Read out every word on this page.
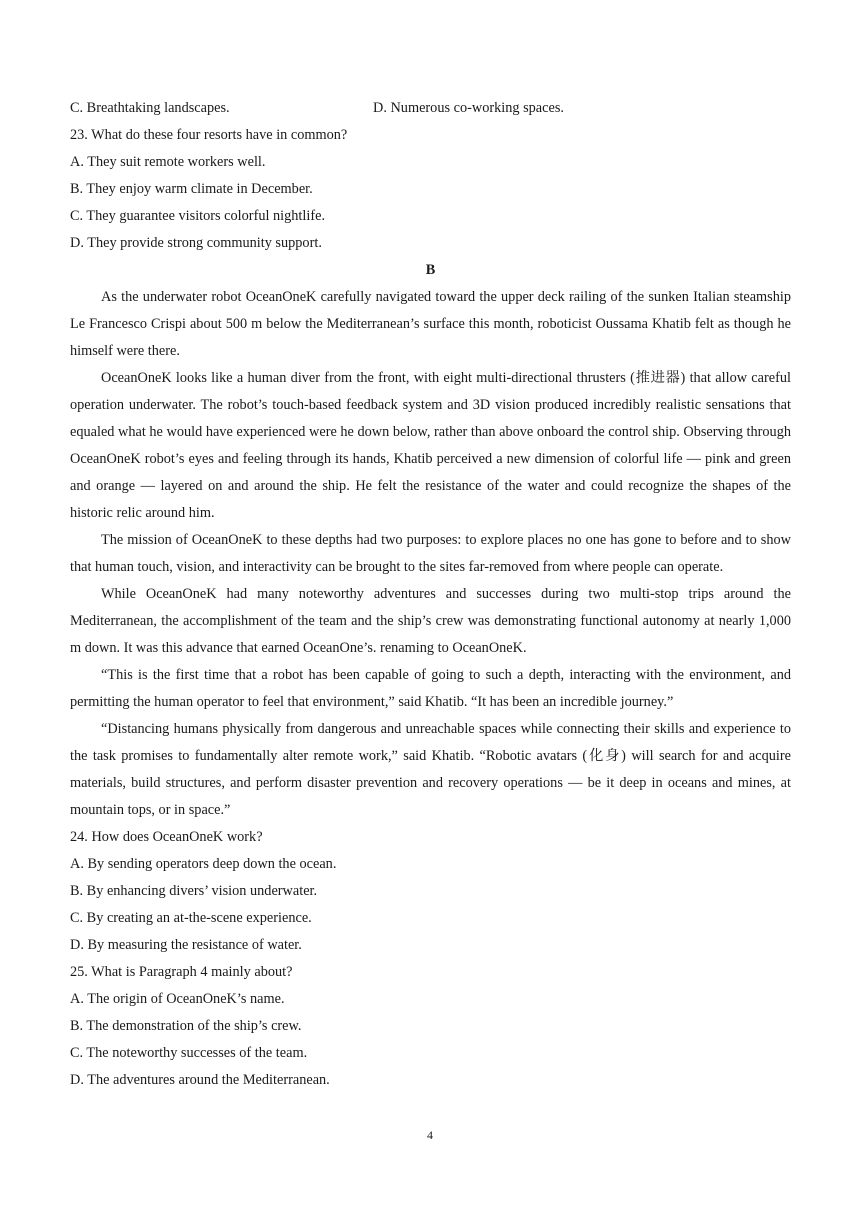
C. Breathtaking landscapes.	D. Numerous co-working spaces.

23. What do these four resorts have in common?

A. They suit remote workers well.

B. They enjoy warm climate in December.

C. They guarantee visitors colorful nightlife.

D. They provide strong community support.

B

As the underwater robot OceanOneK carefully navigated toward the upper deck railing of the sunken Italian steamship Le Francesco Crispi about 500 m below the Mediterranean’s surface this month, roboticist Oussama Khatib felt as though he himself were there.

OceanOneK looks like a human diver from the front, with eight multi-directional thrusters (推进器) that allow careful operation underwater. The robot’s touch-based feedback system and 3D vision produced incredibly realistic sensations that equaled what he would have experienced were he down below, rather than above onboard the control ship. Observing through OceanOneK robot’s eyes and feeling through its hands, Khatib perceived a new dimension of colorful life — pink and green and orange — layered on and around the ship. He felt the resistance of the water and could recognize the shapes of the historic relic around him.

The mission of OceanOneK to these depths had two purposes: to explore places no one has gone to before and to show that human touch, vision, and interactivity can be brought to the sites far-removed from where people can operate.

While OceanOneK had many noteworthy adventures and successes during two multi-stop trips around the Mediterranean, the accomplishment of the team and the ship’s crew was demonstrating functional autonomy at nearly 1,000 m down. It was this advance that earned OceanOne’s. renaming to OceanOneK.

“This is the first time that a robot has been capable of going to such a depth, interacting with the environment, and permitting the human operator to feel that environment,” said Khatib. “It has been an incredible journey.”

“Distancing humans physically from dangerous and unreachable spaces while connecting their skills and experience to the task promises to fundamentally alter remote work,” said Khatib. “Robotic avatars (化身) will search for and acquire materials, build structures, and perform disaster prevention and recovery operations — be it deep in oceans and mines, at mountain tops, or in space.”

24. How does OceanOneK work?

A. By sending operators deep down the ocean.

B. By enhancing divers’ vision underwater.

C. By creating an at-the-scene experience.

D. By measuring the resistance of water.

25. What is Paragraph 4 mainly about?

A. The origin of OceanOneK’s name.

B. The demonstration of the ship’s crew.

C. The noteworthy successes of the team.

D. The adventures around the Mediterranean.

4
